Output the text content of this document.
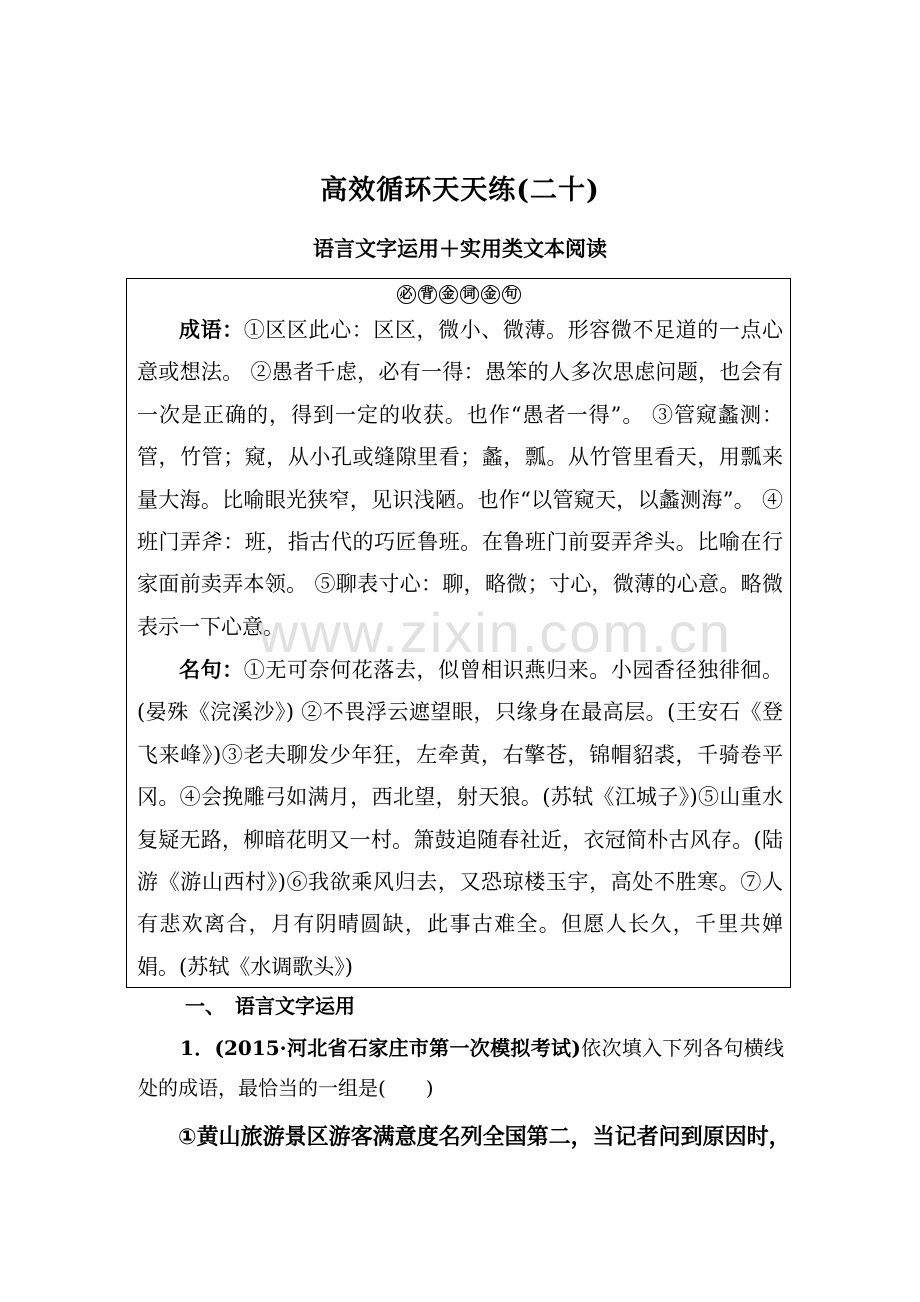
高效循环天天练(二十)
语言文字运用＋实用类文本阅读
必 背 金 词 金 句
成语：①区区此心：区区，微小、微薄。形容微不足道的一点心意或想法。 ②愚者千虑，必有一得：愚笨的人多次思虑问题，也会有一次是正确的，得到一定的收获。也作“愚者一得”。 ③管窥蠡测：管，竹管；窥，从小孔或缝隙里看；蠡，瓢。从竹管里看天，用瓢来量大海。比喻眼光狭窄，见识浅陋。也作“以管窥天，以蠡测海”。 ④班门弄斧：班，指古代的巧匠鲁班。在鲁班门前耍弄斧头。比喻在行家面前卖弄本领。 ⑤聊表寸心：聊，略微；寸心，微薄的心意。略微表示一下心意。
名句：①无可奈何花落去，似曾相识燕归来。小园香径独徘徊。(晏殊《浣溪沙》) ②不畏浮云遮望眼，只缘身在最高层。(王安石《登飞来峰》)③老夫聊发少年狂，左牵黄，右擎苍，锦帽貂裘，千骑卷平冈。④会挽雕弓如满月，西北望，射天狼。(苏轼《江城子》)⑤山重水复疑无路，柳暗花明又一村。箫鼓追随春社近，衣冠简朴古风存。(陆游《游山西村》)⑥我欲乘风归去，又恐琼楼玉宇，高处不胜寒。⑦人有悲欢离合，月有阴晴圆缺，此事古难全。但愿人长久，千里共婵娟。(苏轼《水调歌头》)
www.zixin.com.cn
一、　语言文字运用
1．(2015·河北省石家庄市第一次模拟考试)依次填入下列各句横线处的成语，最恰当的一组是(　　)
①黄山旅游景区游客满意度名列全国第二，当记者问到原因时，
